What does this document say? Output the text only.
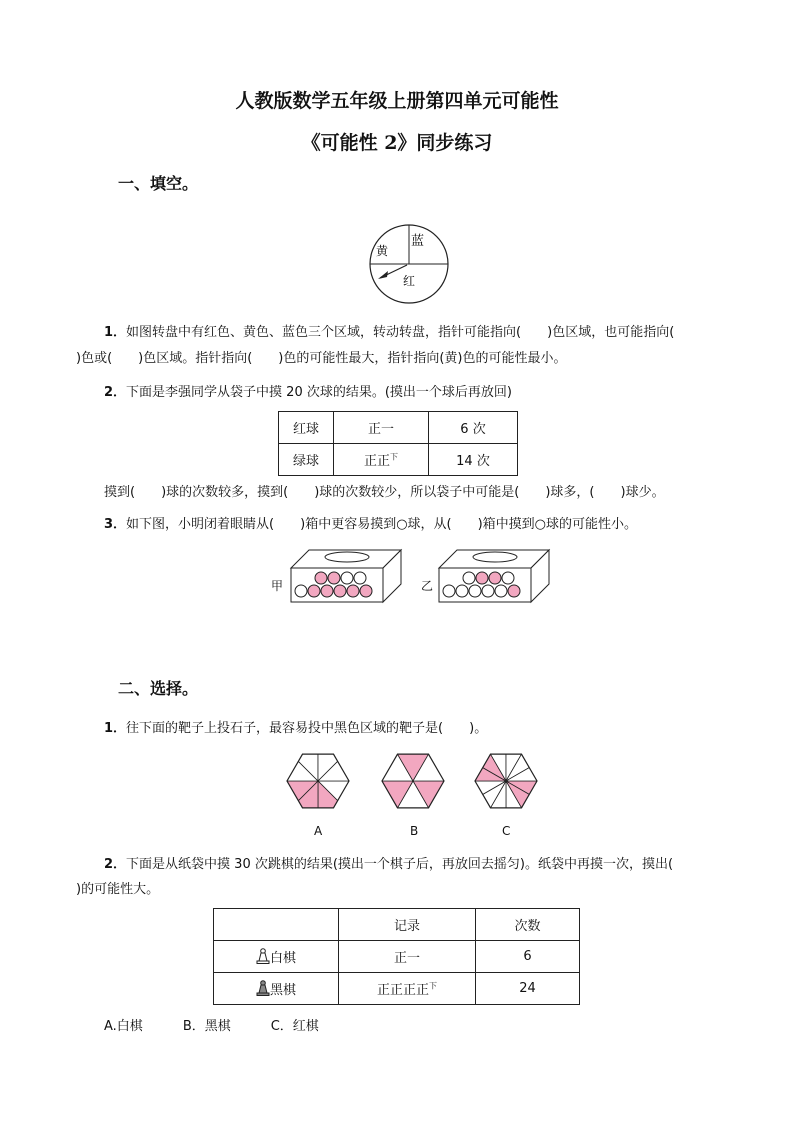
人教版数学五年级上册第四单元可能性
《可能性 2》同步练习
一、填空。
黄
蓝
红
1．如图转盘中有红色、黄色、蓝色三个区域，转动转盘，指针可能指向(　　)色区域，也可能指向(
)色或(　　)色区域。指针指向(　　)色的可能性最大，指针指向(黄)色的可能性最小。
2．下面是李强同学从袋子中摸 20 次球的结果。(摸出一个球后再放回)
红球	正一	6 次
绿球	正正$^下$	14 次
摸到(　　)球的次数较多，摸到(　　)球的次数较少，所以袋子中可能是(　　)球多，(　　)球少。
3．如下图，小明闭着眼睛从(　　)箱中更容易摸到○球，从(　　)箱中摸到○球的可能性小。
甲	乙
二、选择。
1．往下面的靶子上投石子，最容易投中黑色区域的靶子是(　　)。
A	B	C
2．下面是从纸袋中摸 30 次跳棋的结果(摸出一个棋子后，再放回去摇匀)。纸袋中再摸一次，摸出(
)的可能性大。
	记录	次数
白棋	正一	6
黑棋	正正正正$^下$	24
A.白棋	B．黑棋	C．红棋
